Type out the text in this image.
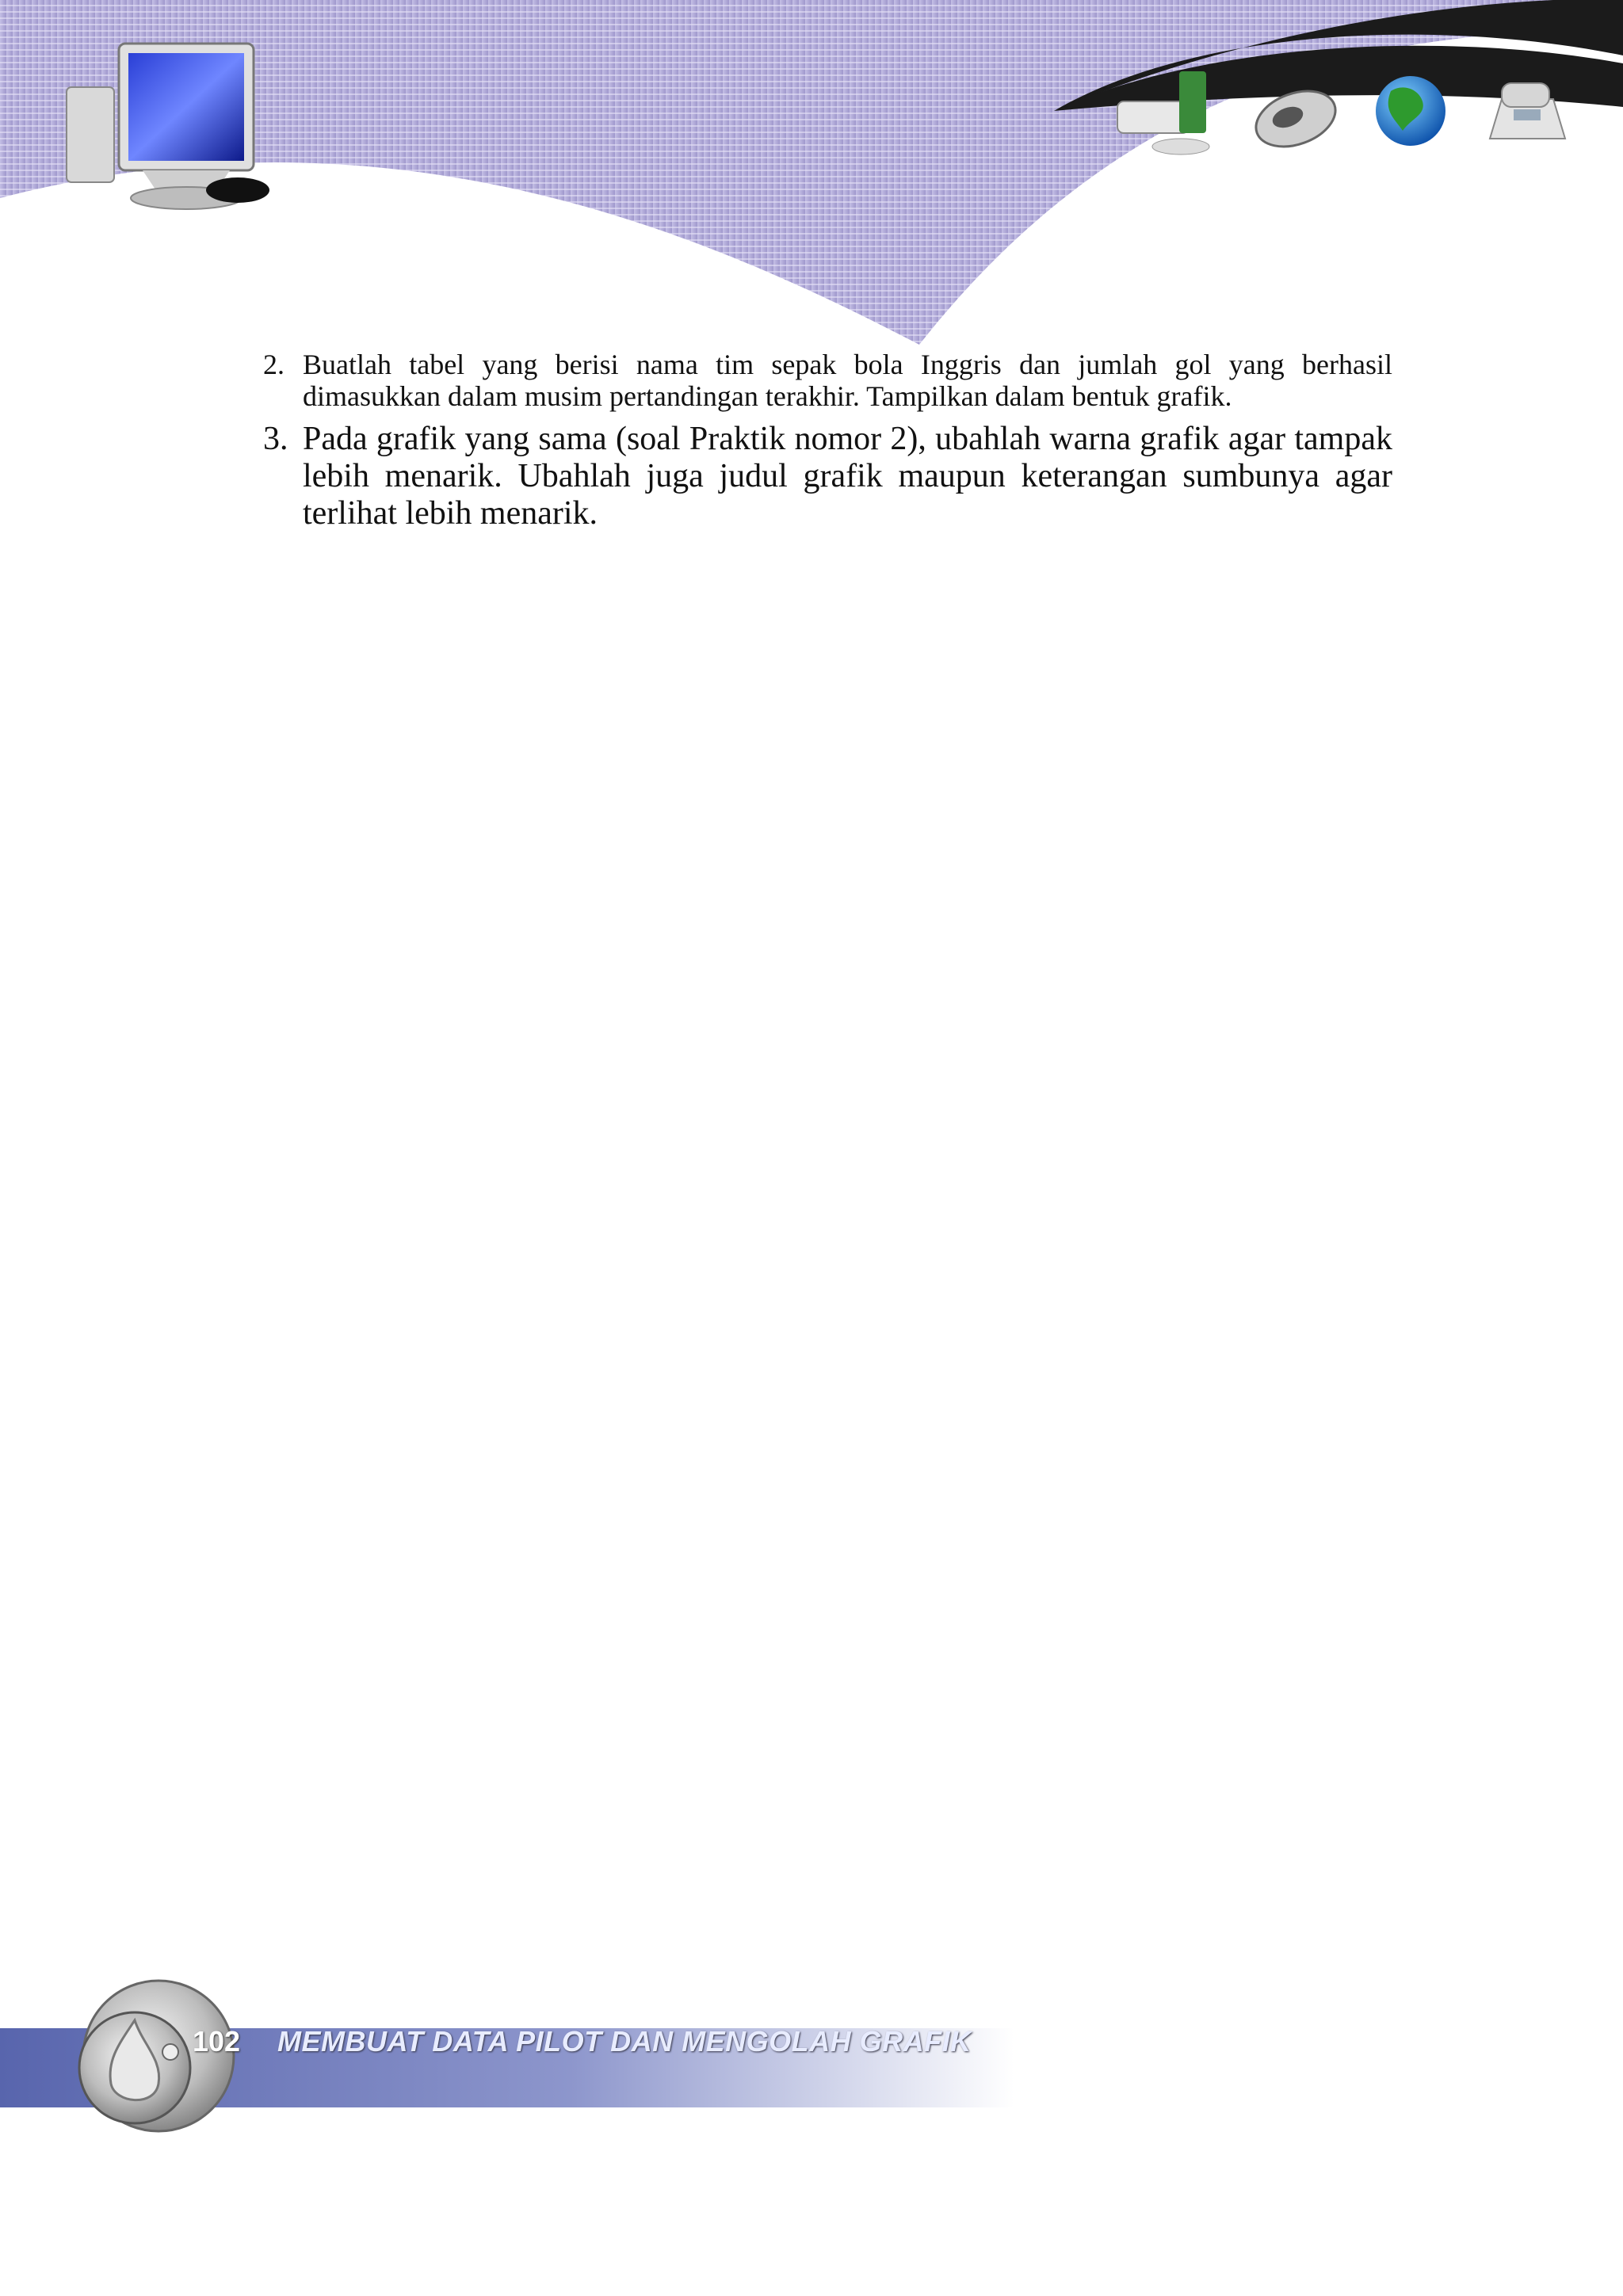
2. Buatlah tabel yang berisi nama tim sepak bola Inggris dan jumlah gol yang berhasil dimasukkan dalam musim pertandingan terakhir. Tampilkan dalam bentuk grafik.
3. Pada grafik yang sama (soal Praktik nomor 2), ubahlah warna grafik agar tampak lebih menarik. Ubahlah juga judul grafik maupun keterangan sumbunya agar terlihat lebih menarik.
102 MEMBUAT DATA PILOT DAN MENGOLAH GRAFIK
